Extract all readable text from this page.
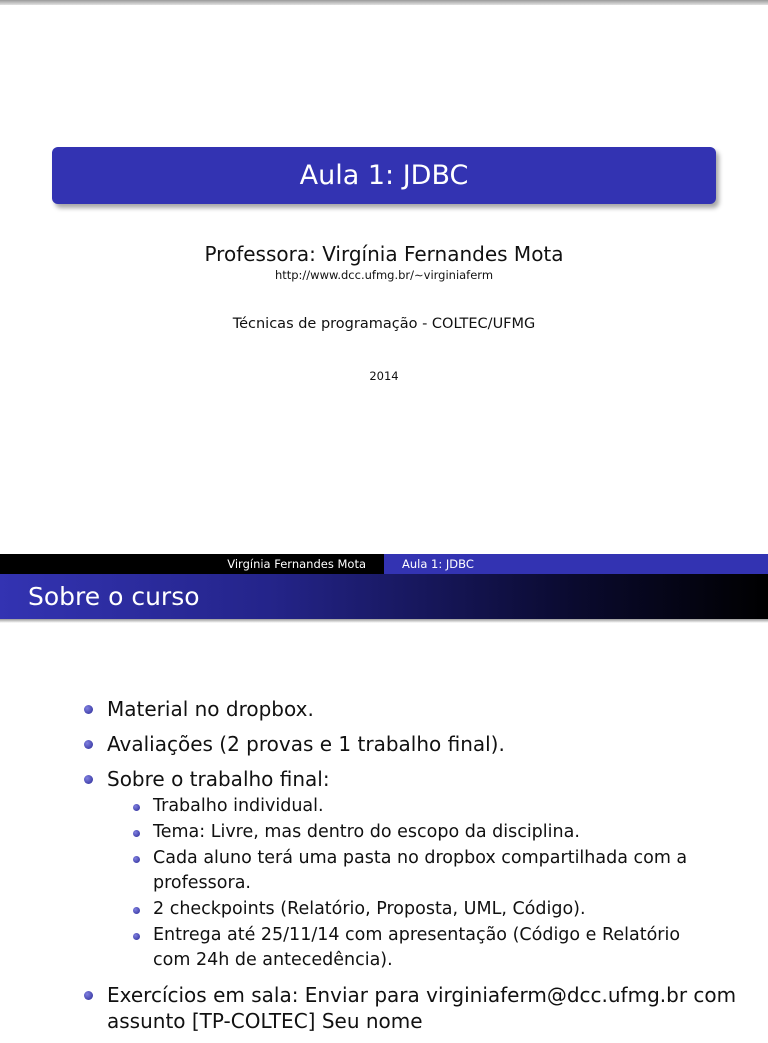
Aula 1: JDBC
Professora: Virgínia Fernandes Mota
http://www.dcc.ufmg.br/∼virginiaferm
Técnicas de programação - COLTEC/UFMG
2014
Virgínia Fernandes Mota	Aula 1: JDBC
Sobre o curso
Material no dropbox.
Avaliações (2 provas e 1 trabalho final).
Sobre o trabalho final:
Trabalho individual.
Tema: Livre, mas dentro do escopo da disciplina.
Cada aluno terá uma pasta no dropbox compartilhada com a professora.
2 checkpoints (Relatório, Proposta, UML, Código).
Entrega até 25/11/14 com apresentação (Código e Relatório com 24h de antecedência).
Exercícios em sala: Enviar para virginiaferm@dcc.ufmg.br com assunto [TP-COLTEC] Seu nome
